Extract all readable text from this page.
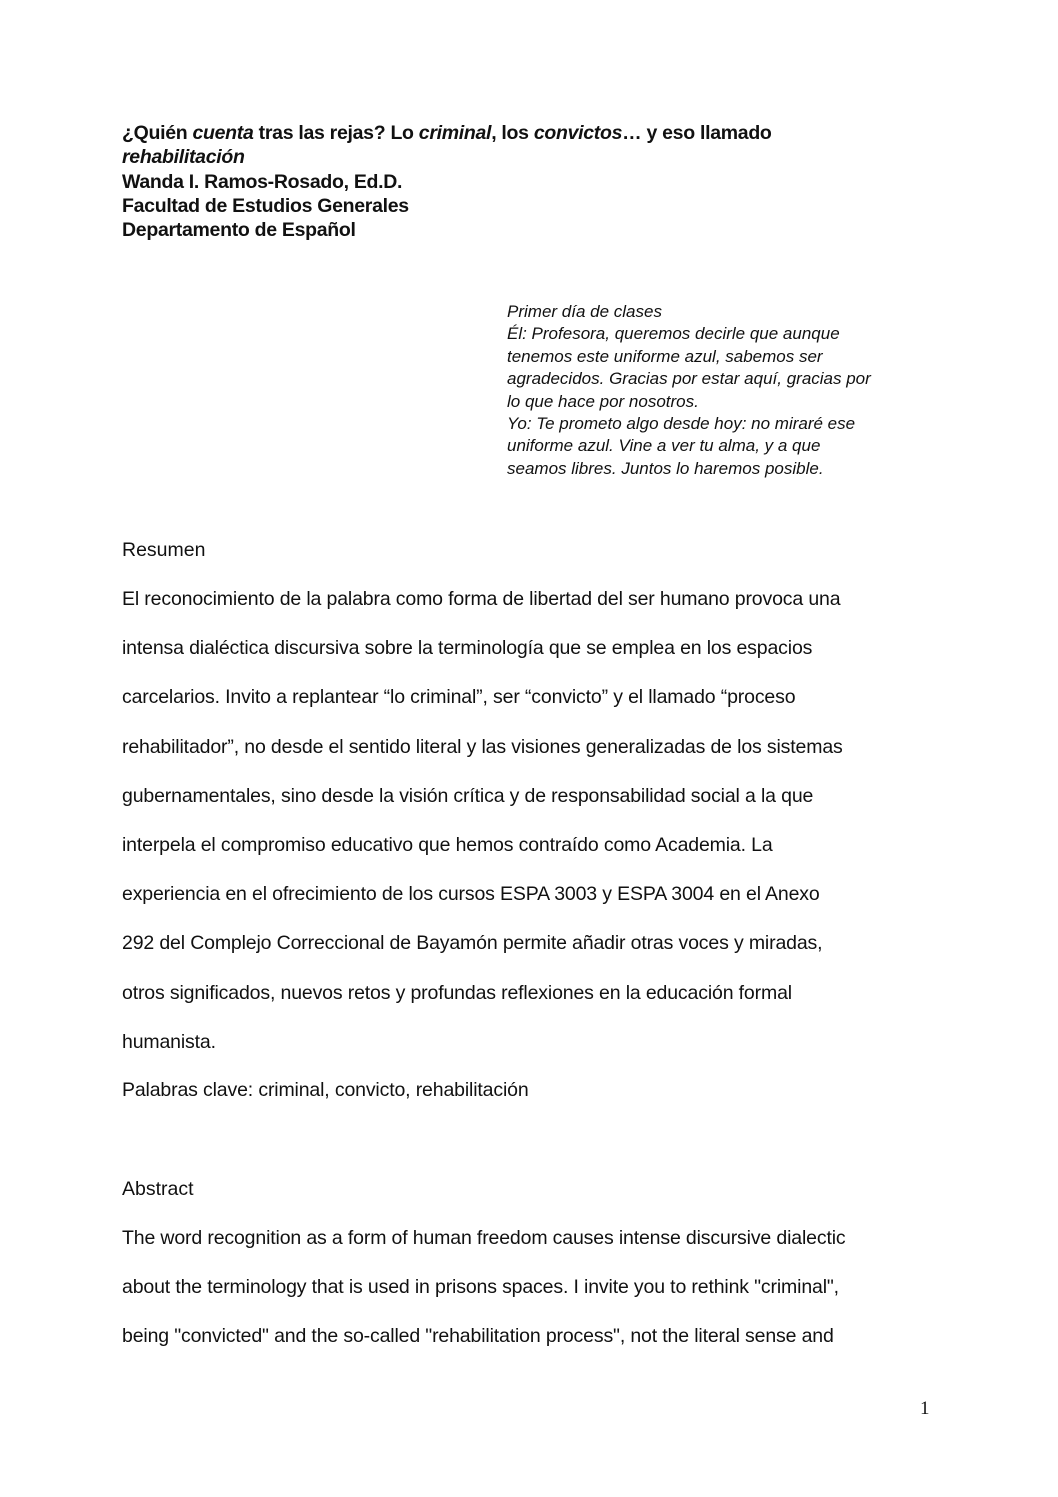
¿Quién cuenta tras las rejas? Lo criminal, los convictos… y eso llamado
rehabilitación
Wanda I. Ramos-Rosado, Ed.D.
Facultad de Estudios Generales
Departamento de Español
Primer día de clases
Él: Profesora, queremos decirle que aunque
tenemos este uniforme azul, sabemos ser
agradecidos. Gracias por estar aquí, gracias por
lo que hace por nosotros.
Yo: Te prometo algo desde hoy: no miraré ese
uniforme azul. Vine a ver tu alma, y a que
seamos libres. Juntos lo haremos posible.
Resumen
El reconocimiento de la palabra como forma de libertad del ser humano provoca una
intensa dialéctica discursiva sobre la terminología que se emplea en los espacios
carcelarios. Invito a replantear “lo criminal”, ser “convicto” y el llamado “proceso
rehabilitador”, no desde el sentido literal y las visiones generalizadas de los sistemas
gubernamentales, sino desde la visión crítica y de responsabilidad social a la que
interpela el compromiso educativo que hemos contraído como Academia. La
experiencia en el ofrecimiento de los cursos ESPA 3003 y ESPA 3004 en el Anexo
292 del Complejo Correccional de Bayamón permite añadir otras voces y miradas,
otros significados, nuevos retos y profundas reflexiones en la educación formal
humanista.
Palabras clave: criminal, convicto, rehabilitación
Abstract
The word recognition as a form of human freedom causes intense discursive dialectic
about the terminology that is used in prisons spaces. I invite you to rethink "criminal",
being "convicted" and the so-called "rehabilitation process", not the literal sense and
1
